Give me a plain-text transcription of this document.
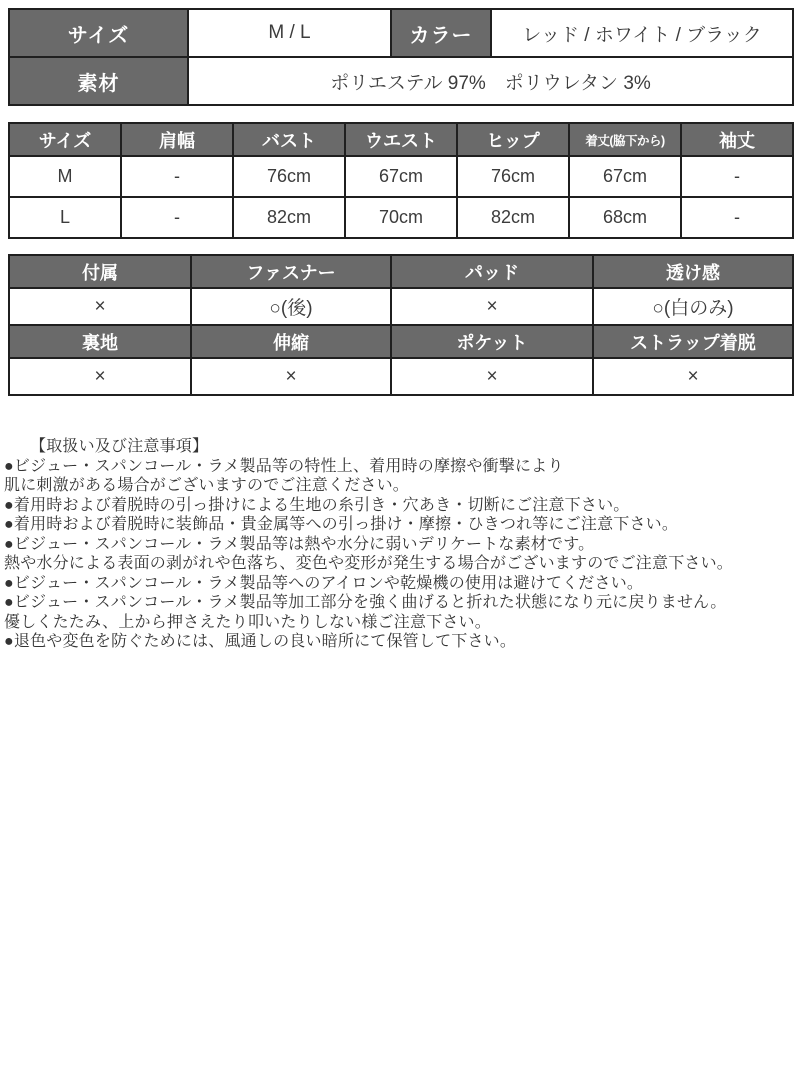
サイズ	M / L	カラー	レッド / ホワイト / ブラック
素材	ポリエステル 97%　ポリウレタン 3%		
サイズ	肩幅	バスト	ウエスト	ヒップ	着丈(脇下から)	袖丈
M	-	76cm	67cm	76cm	67cm	-
L	-	82cm	70cm	82cm	68cm	-
付属	ファスナー	パッド	透け感
×	○(後)	×	○(白のみ)
裏地	伸縮	ポケット	ストラップ着脱
×	×	×	×
【取扱い及び注意事項】
●ビジュー・スパンコール・ラメ製品等の特性上、着用時の摩擦や衝撃により
肌に刺激がある場合がございますのでご注意ください。
●着用時および着脱時の引っ掛けによる生地の糸引き・穴あき・切断にご注意下さい。
●着用時および着脱時に装飾品・貴金属等への引っ掛け・摩擦・ひきつれ等にご注意下さい。
●ビジュー・スパンコール・ラメ製品等は熱や水分に弱いデリケートな素材です。
熱や水分による表面の剥がれや色落ち、変色や変形が発生する場合がございますのでご注意下さい。
●ビジュー・スパンコール・ラメ製品等へのアイロンや乾燥機の使用は避けてください。
●ビジュー・スパンコール・ラメ製品等加工部分を強く曲げると折れた状態になり元に戻りません。
優しくたたみ、上から押さえたり叩いたりしない様ご注意下さい。
●退色や変色を防ぐためには、風通しの良い暗所にて保管して下さい。
